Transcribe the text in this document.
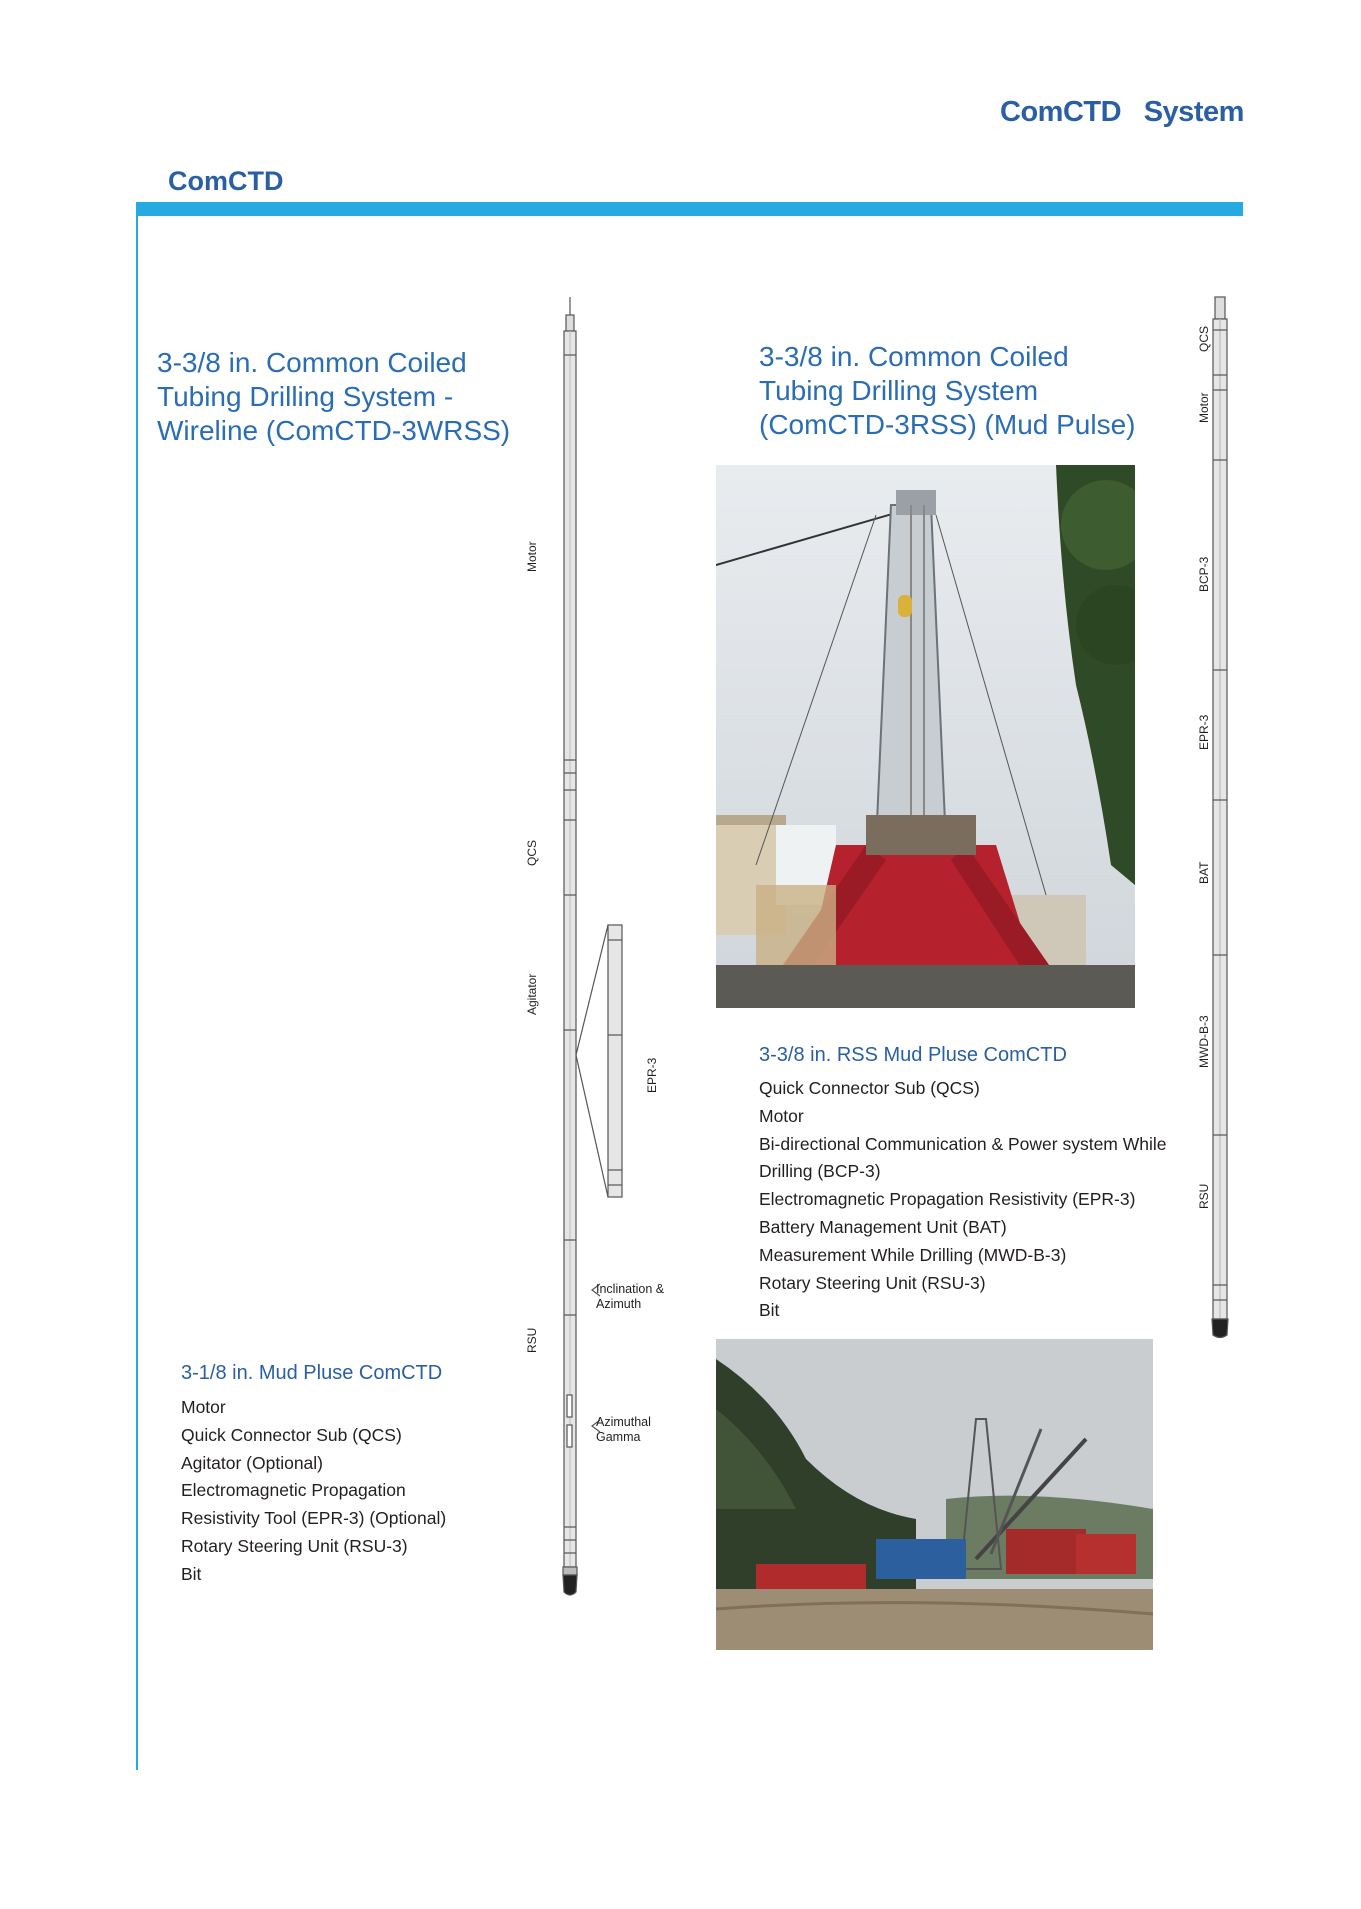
ComCTD   System
ComCTD
3-3/8 in. Common Coiled
Tubing Drilling System -
Wireline (ComCTD-3WRSS)
Motor
QCS
Agitator
RSU
EPR-3
Inclination &
Azimuth
Azimuthal
Gamma
3-1/8 in. Mud Pluse ComCTD
Motor
Quick Connector Sub (QCS)
Agitator (Optional)
Electromagnetic Propagation
Resistivity Tool (EPR-3) (Optional)
Rotary Steering Unit (RSU-3)
Bit
3-3/8 in. Common Coiled
Tubing Drilling System
(ComCTD-3RSS) (Mud Pulse)
3-3/8 in. RSS Mud Pluse ComCTD
Quick Connector Sub (QCS)
Motor
Bi-directional Communication & Power system While
Drilling (BCP-3)
Electromagnetic Propagation Resistivity (EPR-3)
Battery Management Unit (BAT)
Measurement While Drilling (MWD-B-3)
Rotary Steering Unit (RSU-3)
Bit
QCS
Motor
BCP-3
EPR-3
BAT
MWD-B-3
RSU
